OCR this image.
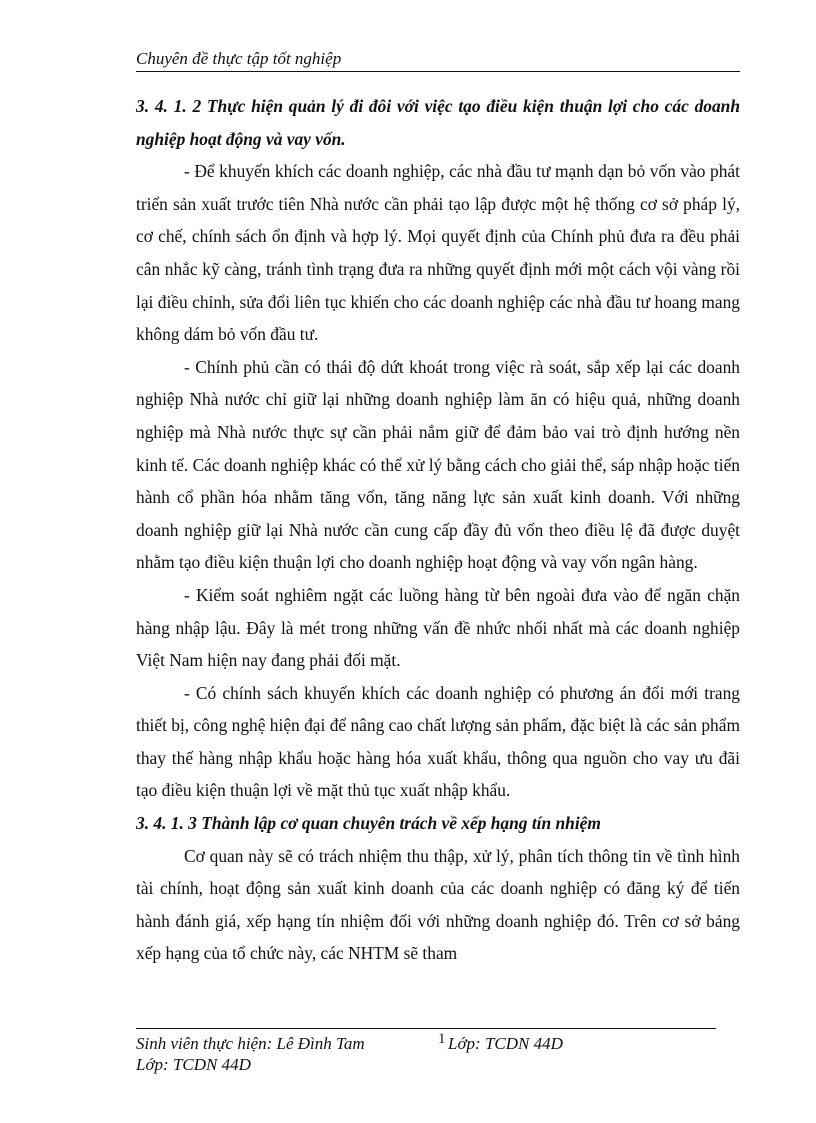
Chuyên đề thực tập tốt nghiệp
3. 4. 1. 2 Thực hiện quản lý đi đôi với việc tạo điều kiện thuận lợi cho các doanh nghiệp hoạt động và vay vốn.

- Để khuyến khích các doanh nghiệp, các nhà đầu tư mạnh dạn bỏ vốn vào phát triển sản xuất trước tiên Nhà nước cần phải tạo lập được một hệ thống cơ sở pháp lý, cơ chế, chính sách ổn định và hợp lý. Mọi quyết định của Chính phủ đưa ra đều phải cân nhắc kỹ càng, tránh tình trạng đưa ra những quyết định mới một cách vội vàng rồi lại điều chỉnh, sửa đổi liên tục khiến cho các doanh nghiệp các nhà đầu tư hoang mang không dám bỏ vốn đầu tư.

- Chính phủ cần có thái độ dứt khoát trong việc rà soát, sắp xếp lại các doanh nghiệp Nhà nước chỉ giữ lại những doanh nghiệp làm ăn có hiệu quả, những doanh nghiệp mà Nhà nước thực sự cần phải nắm giữ để đảm bảo vai trò định hướng nền kinh tế. Các doanh nghiệp khác có thể xử lý bằng cách cho giải thể, sáp nhập hoặc tiến hành cổ phần hóa nhằm tăng vốn, tăng năng lực sản xuất kinh doanh. Với những doanh nghiệp giữ lại Nhà nước cần cung cấp đầy đủ vốn theo điều lệ đã được duyệt nhằm tạo điều kiện thuận lợi cho doanh nghiệp hoạt động và vay vốn ngân hàng.

- Kiểm soát nghiêm ngặt các luồng hàng từ bên ngoài đưa vào để ngăn chặn hàng nhập lậu. Đây là mét trong những vấn đề nhức nhối nhất mà các doanh nghiệp Việt Nam hiện nay đang phải đối mặt.

- Có chính sách khuyến khích các doanh nghiệp có phương án đổi mới trang thiết bị, công nghệ hiện đại để nâng cao chất lượng sản phẩm, đặc biệt là các sản phẩm thay thế hàng nhập khẩu hoặc hàng hóa xuất khẩu, thông qua nguồn cho vay ưu đãi tạo điều kiện thuận lợi về mặt thủ tục xuất nhập khẩu.

3. 4. 1. 3 Thành lập cơ quan chuyên trách về xếp hạng tín nhiệm

Cơ quan này sẽ có trách nhiệm thu thập, xử lý, phân tích thông tin về tình hình tài chính, hoạt động sản xuất kinh doanh của các doanh nghiệp có đăng ký để tiến hành đánh giá, xếp hạng tín nhiệm đối với những doanh nghiệp đó. Trên cơ sở bảng xếp hạng của tổ chức này, các NHTM sẽ tham

Sinh viên thực hiện: Lê Đình Tam	1 Lớp: TCDN 44D
Lớp: TCDN 44D
